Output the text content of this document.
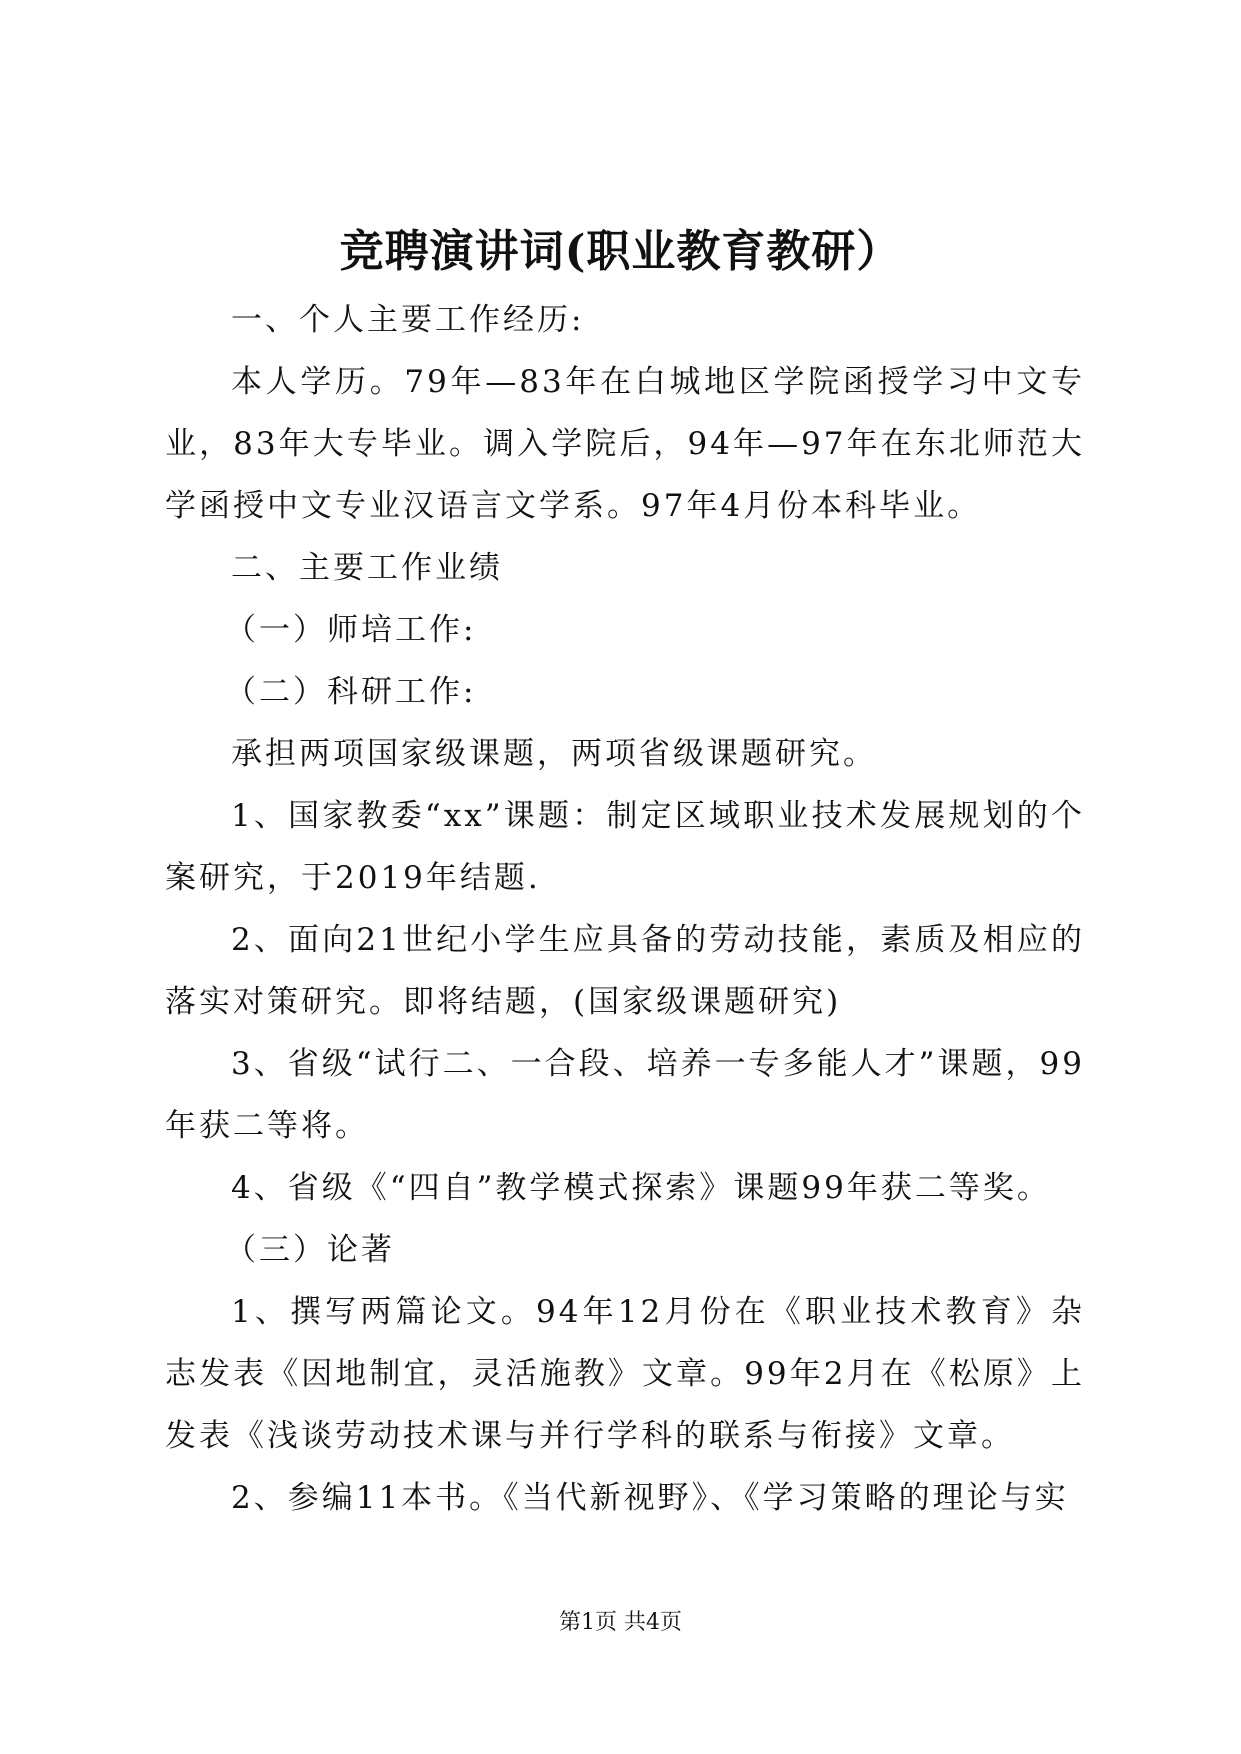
竞聘演讲词(职业教育教研）

一、个人主要工作经历:

本人学历。79年—83年在白城地区学院函授学习中文专业，83年大专毕业。调入学院后，94年—97年在东北师范大学函授中文专业汉语言文学系。97年4月份本科毕业。

二、主要工作业绩

（一）师培工作:

（二）科研工作:

承担两项国家级课题，两项省级课题研究。

1、国家教委“xx”课题：制定区域职业技术发展规划的个案研究，于2019年结题.

2、面向21世纪小学生应具备的劳动技能，素质及相应的落实对策研究。即将结题，(国家级课题研究)

3、省级“试行二、一合段、培养一专多能人才”课题，99年获二等将。

4、省级《“四自”教学模式探索》课题99年获二等奖。

（三）论著

1、撰写两篇论文。94年12月份在《职业技术教育》杂志发表《因地制宜，灵活施教》文章。99年2月在《松原》上发表《浅谈劳动技术课与并行学科的联系与衔接》文章。

2、参编11本书。《当代新视野》、《学习策略的理论与实

第1页 共4页
